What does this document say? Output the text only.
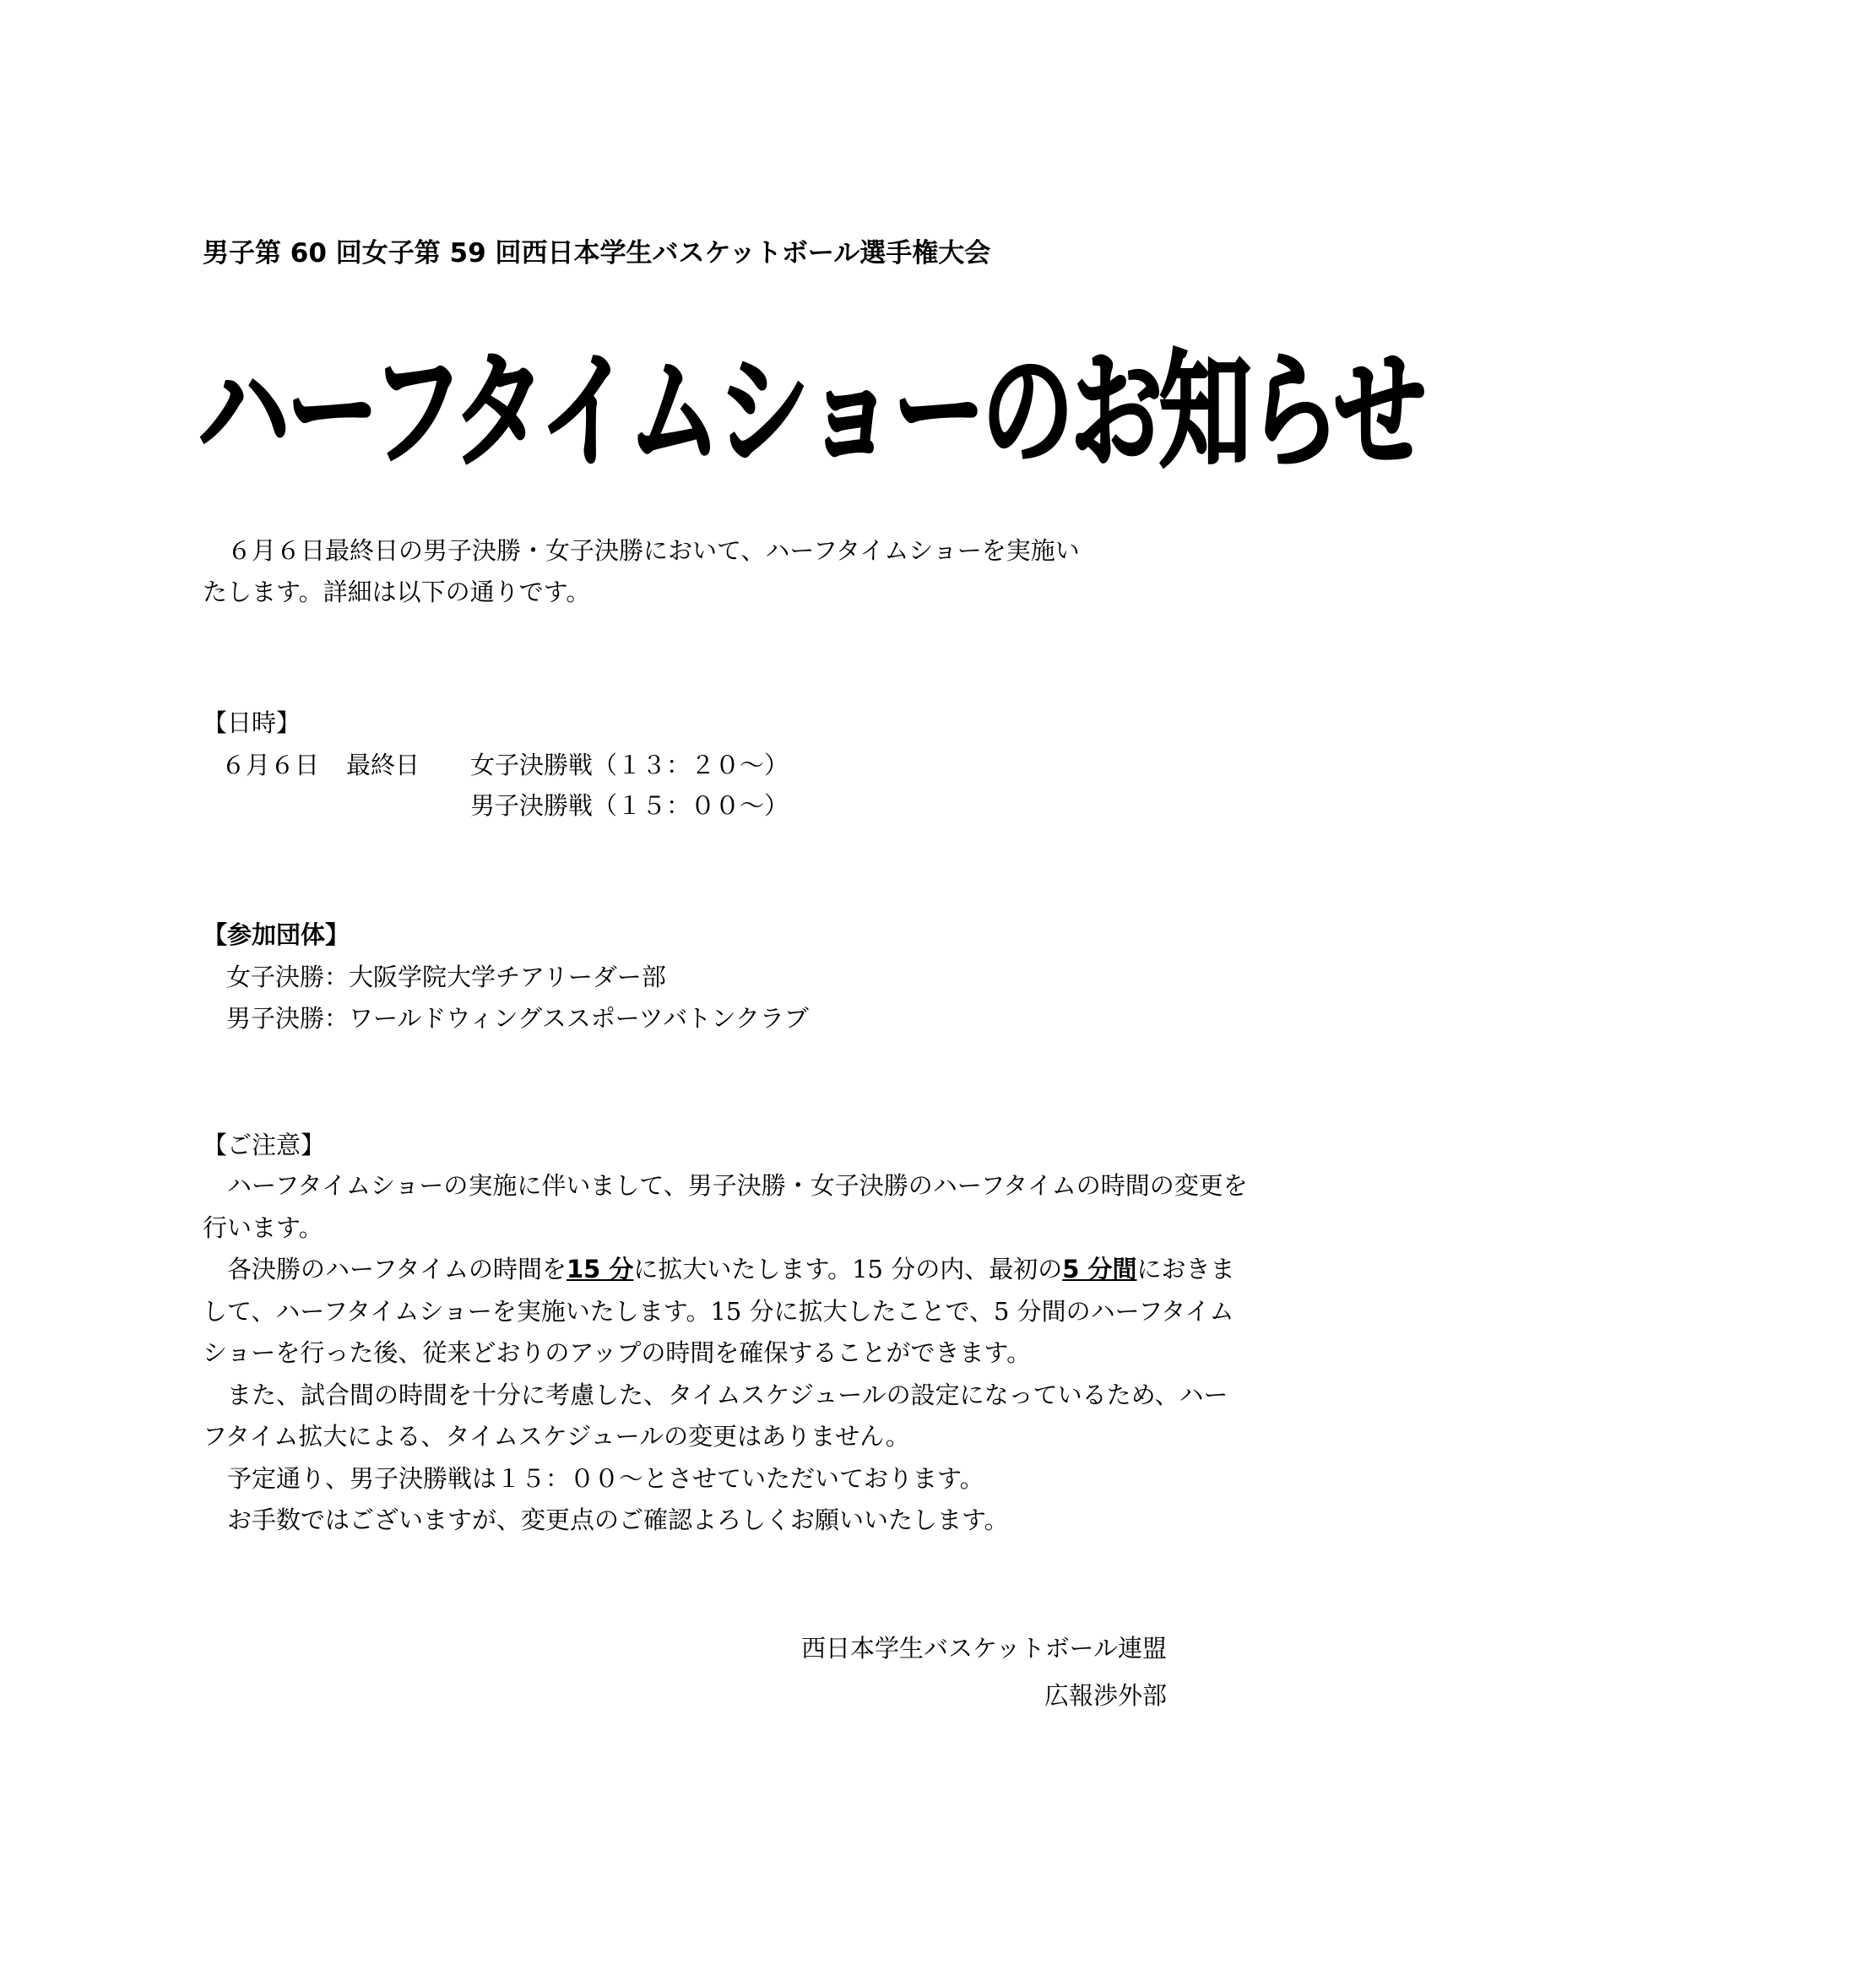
男子第 60 回女子第 59 回西日本学生バスケットボール選手権大会
ハーフタイムショーのお知らせ
６月６日最終日の男子決勝・女子決勝において、ハーフタイムショーを実施い
たします。詳細は以下の通りです。
【日時】
６月６日 最終日 女子決勝戦（１３：２０～）
男子決勝戦（１５：００～）
【参加団体】
女子決勝：大阪学院大学チアリーダー部
男子決勝：ワールドウィングススポーツバトンクラブ
【ご注意】

ハーフタイムショーの実施に伴いまして、男子決勝・女子決勝のハーフタイムの時間の変更を行います。

各決勝のハーフタイムの時間を15 分に拡大いたします。15 分の内、最初の5 分間におきまして、ハーフタイムショーを実施いたします。15 分に拡大したことで、5 分間のハーフタイムショーを行った後、従来どおりのアップの時間を確保することができます。

また、試合間の時間を十分に考慮した、タイムスケジュールの設定になっているため、ハーフタイム拡大による、タイムスケジュールの変更はありません。

予定通り、男子決勝戦は１５：００～とさせていただいております。

お手数ではございますが、変更点のご確認よろしくお願いいたします。

西日本学生バスケットボール連盟
広報渉外部
